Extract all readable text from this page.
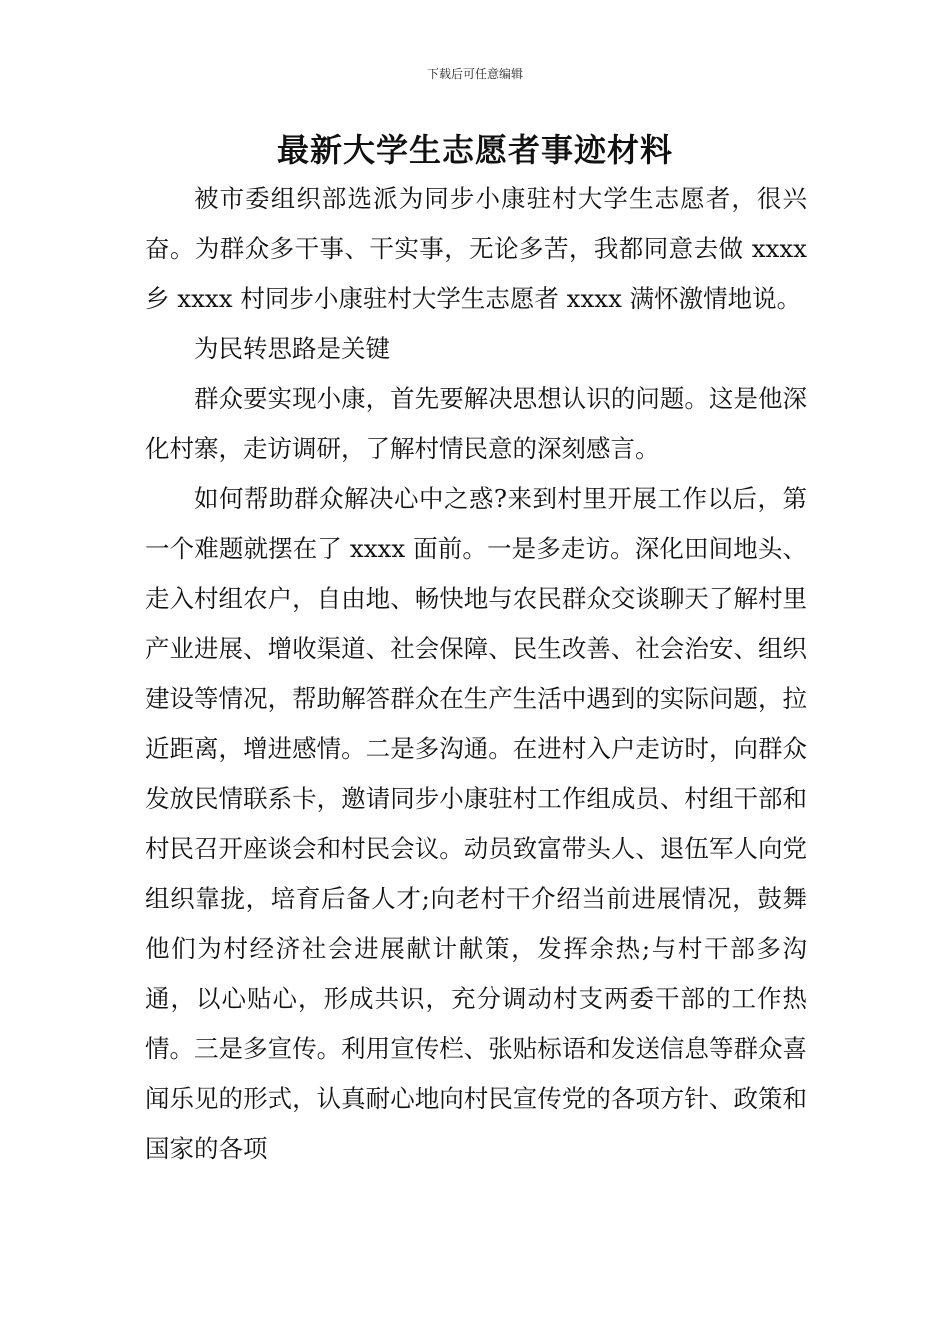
下载后可任意编辑
最新大学生志愿者事迹材料

被市委组织部选派为同步小康驻村大学生志愿者，很兴奋。为群众多干事、干实事，无论多苦，我都同意去做 xxxx 乡 xxxx 村同步小康驻村大学生志愿者 xxxx 满怀激情地说。

为民转思路是关键

群众要实现小康，首先要解决思想认识的问题。这是他深化村寨，走访调研，了解村情民意的深刻感言。

如何帮助群众解决心中之惑?来到村里开展工作以后，第一个难题就摆在了 xxxx 面前。一是多走访。深化田间地头、走入村组农户，自由地、畅快地与农民群众交谈聊天了解村里产业进展、增收渠道、社会保障、民生改善、社会治安、组织建设等情况，帮助解答群众在生产生活中遇到的实际问题，拉近距离，增进感情。二是多沟通。在进村入户走访时，向群众发放民情联系卡，邀请同步小康驻村工作组成员、村组干部和村民召开座谈会和村民会议。动员致富带头人、退伍军人向党组织靠拢，培育后备人才;向老村干介绍当前进展情况，鼓舞他们为村经济社会进展献计献策，发挥余热;与村干部多沟通，以心贴心，形成共识，充分调动村支两委干部的工作热情。三是多宣传。利用宣传栏、张贴标语和发送信息等群众喜闻乐见的形式，认真耐心地向村民宣传党的各项方针、政策和国家的各项
